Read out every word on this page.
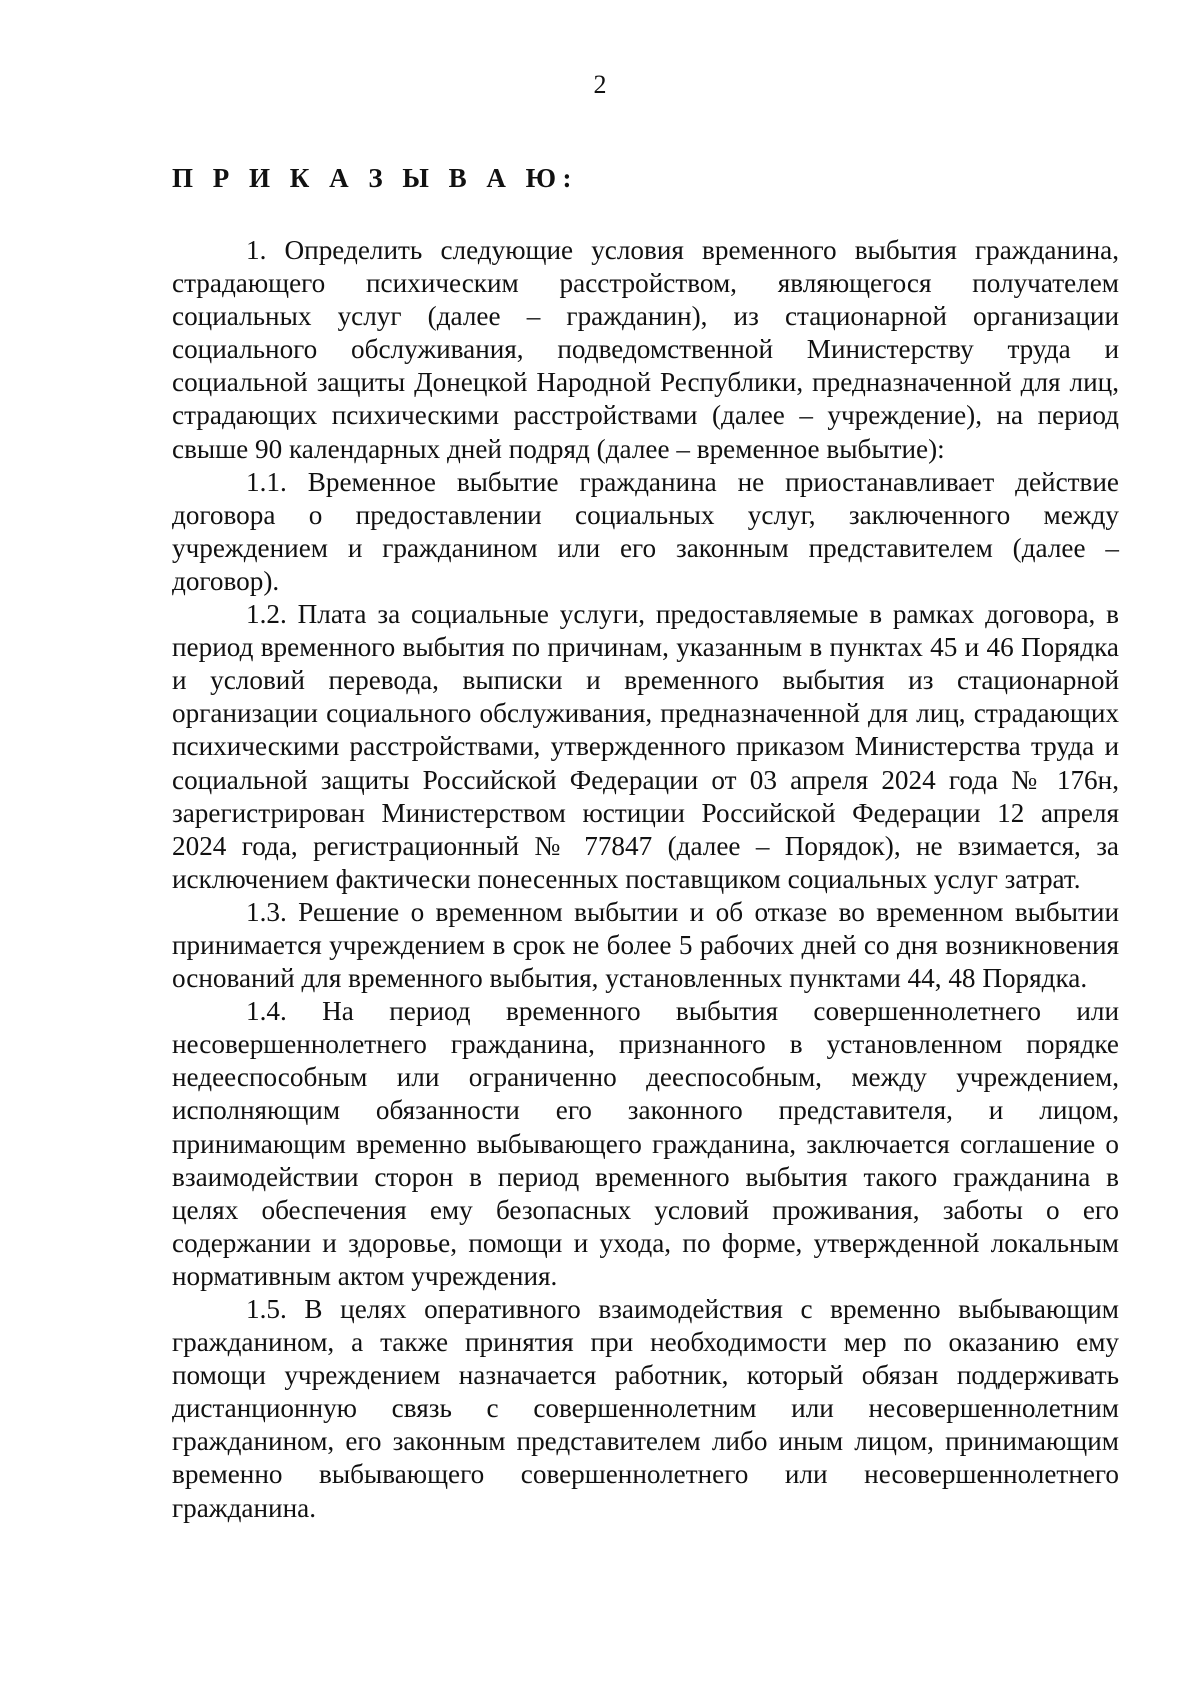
2
П Р И К А З Ы В А Ю:

1. Определить следующие условия временного выбытия гражданина, страдающего психическим расстройством, являющегося получателем социальных услуг (далее – гражданин), из стационарной организации социального обслуживания, подведомственной Министерству труда и социальной защиты Донецкой Народной Республики, предназначенной для лиц, страдающих психическими расстройствами (далее – учреждение), на период свыше 90 календарных дней подряд (далее – временное выбытие):

1.1. Временное выбытие гражданина не приостанавливает действие договора о предоставлении социальных услуг, заключенного между учреждением и гражданином или его законным представителем (далее – договор).

1.2. Плата за социальные услуги, предоставляемые в рамках договора, в период временного выбытия по причинам, указанным в пунктах 45 и 46 Порядка и условий перевода, выписки и временного выбытия из стационарной организации социального обслуживания, предназначенной для лиц, страдающих психическими расстройствами, утвержденного приказом Министерства труда и социальной защиты Российской Федерации от 03 апреля 2024 года № 176н, зарегистрирован Министерством юстиции Российской Федерации 12 апреля 2024 года, регистрационный № 77847 (далее – Порядок), не взимается, за исключением фактически понесенных поставщиком социальных услуг затрат.

1.3. Решение о временном выбытии и об отказе во временном выбытии принимается учреждением в срок не более 5 рабочих дней со дня возникновения оснований для временного выбытия, установленных пунктами 44, 48 Порядка.

1.4. На период временного выбытия совершеннолетнего или несовершеннолетнего гражданина, признанного в установленном порядке недееспособным или ограниченно дееспособным, между учреждением, исполняющим обязанности его законного представителя, и лицом, принимающим временно выбывающего гражданина, заключается соглашение о взаимодействии сторон в период временного выбытия такого гражданина в целях обеспечения ему безопасных условий проживания, заботы о его содержании и здоровье, помощи и ухода, по форме, утвержденной локальным нормативным актом учреждения.

1.5. В целях оперативного взаимодействия с временно выбывающим гражданином, а также принятия при необходимости мер по оказанию ему помощи учреждением назначается работник, который обязан поддерживать дистанционную связь с совершеннолетним или несовершеннолетним гражданином, его законным представителем либо иным лицом, принимающим временно выбывающего совершеннолетнего или несовершеннолетнего гражданина.
